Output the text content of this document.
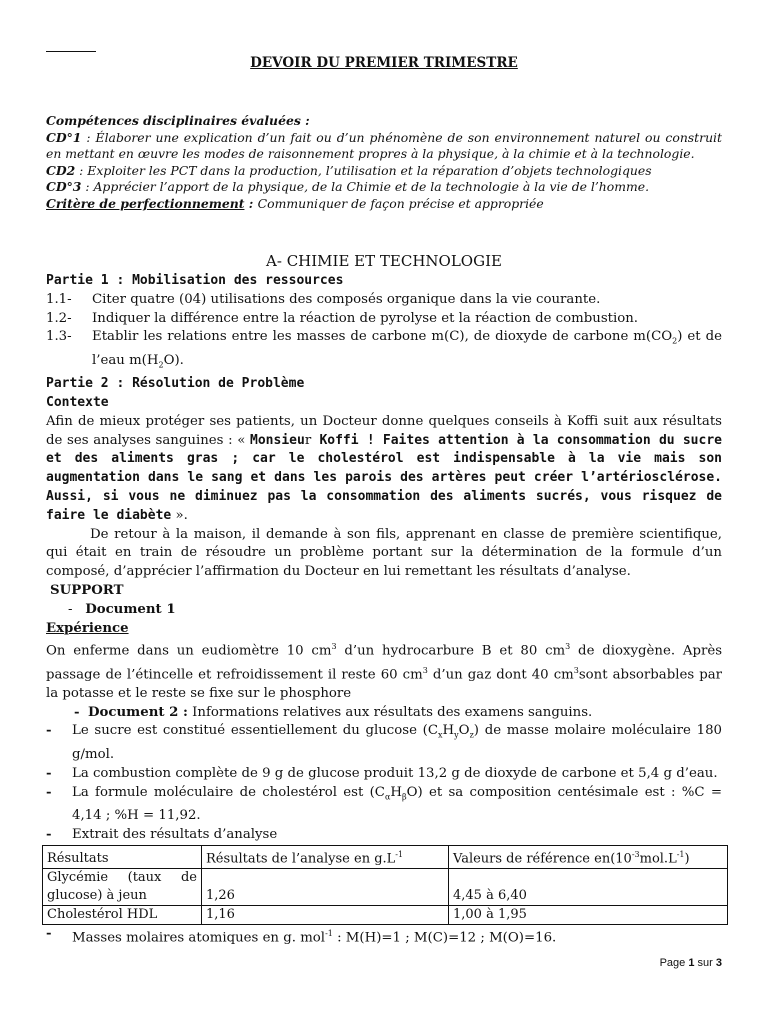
DEVOIR DU PREMIER TRIMESTRE
Compétences disciplinaires évaluées :
CD°1 : Élaborer une explication d’un fait ou d’un phénomène de son environnement naturel ou construit en mettant en œuvre les modes de raisonnement propres à la physique, à la chimie et à la technologie.
CD2 : Exploiter les PCT dans la production, l’utilisation et la réparation d’objets technologiques
CD°3 : Apprécier l’apport de la physique, de la Chimie et de la technologie à la vie de l’homme.
Critère de perfectionnement : Communiquer de façon précise et appropriée
A- CHIMIE ET TECHNOLOGIE
Partie 1 : Mobilisation des ressources
1.1-	Citer quatre (04) utilisations des composés organique dans la vie courante.
1.2-	Indiquer la différence entre la réaction de pyrolyse et la réaction de combustion.
1.3-	Etablir les relations entre les masses de carbone m(C), de dioxyde de carbone $m(CO_2)$ et de l’eau $m(H_2O)$.
Partie 2 : Résolution de Problème
Contexte
Afin de mieux protéger ses patients, un Docteur donne quelques conseils à Koffi suit aux résultats de ses analyses sanguines : « Monsieur Koffi ! Faites attention à la consommation du sucre et des aliments gras ; car le cholestérol est indispensable à la vie mais son augmentation dans le sang et dans les parois des artères peut créer l’artériosclérose. Aussi, si vous ne diminuez pas la consommation des aliments sucrés, vous risquez de faire le diabète ».
De retour à la maison, il demande à son fils, apprenant en classe de première scientifique, qui était en train de résoudre un problème portant sur la détermination de la formule d’un composé, d’apprécier l’affirmation du Docteur en lui remettant les résultats d’analyse.
SUPPORT
- Document 1
Expérience
On enferme dans un eudiomètre 10 $cm^3$ d’un hydrocarbure B et 80 $cm^3$ de dioxygène. Après passage de l’étincelle et refroidissement il reste 60 $cm^3$ d’un gaz dont 40 $cm^3sont$ absorbables par la potasse et le reste se fixe sur le phosphore
- Document 2 : Informations relatives aux résultats des examens sanguins.
-	Le sucre est constitué essentiellement du glucose $(C_xH_yO_z)$ de masse molaire moléculaire 180 g/mol.
-	La combustion complète de 9 g de glucose produit 13,2 g de dioxyde de carbone et 5,4 g d’eau.
-	La formule moléculaire de cholestérol est $(C_\alpha H_\beta O)$ et sa composition centésimale est : %C = 4,14 ; %H = 11,92.
-	Extrait des résultats d’analyse
Résultats	Résultats de l’analyse en $g.L^{-1}$	Valeurs de référence $en(10^{-3}mol.L^{-1})$
Glycémie (taux de glucose) à jeun	1,26	4,45 à 6,40
Cholestérol HDL	1,16	1,00 à 1,95
-	Masses molaires atomiques en g. mol$^{-1}$ : M(H)=1 ; M(C)=12 ; M(O)=16.
Page 1 sur 3
